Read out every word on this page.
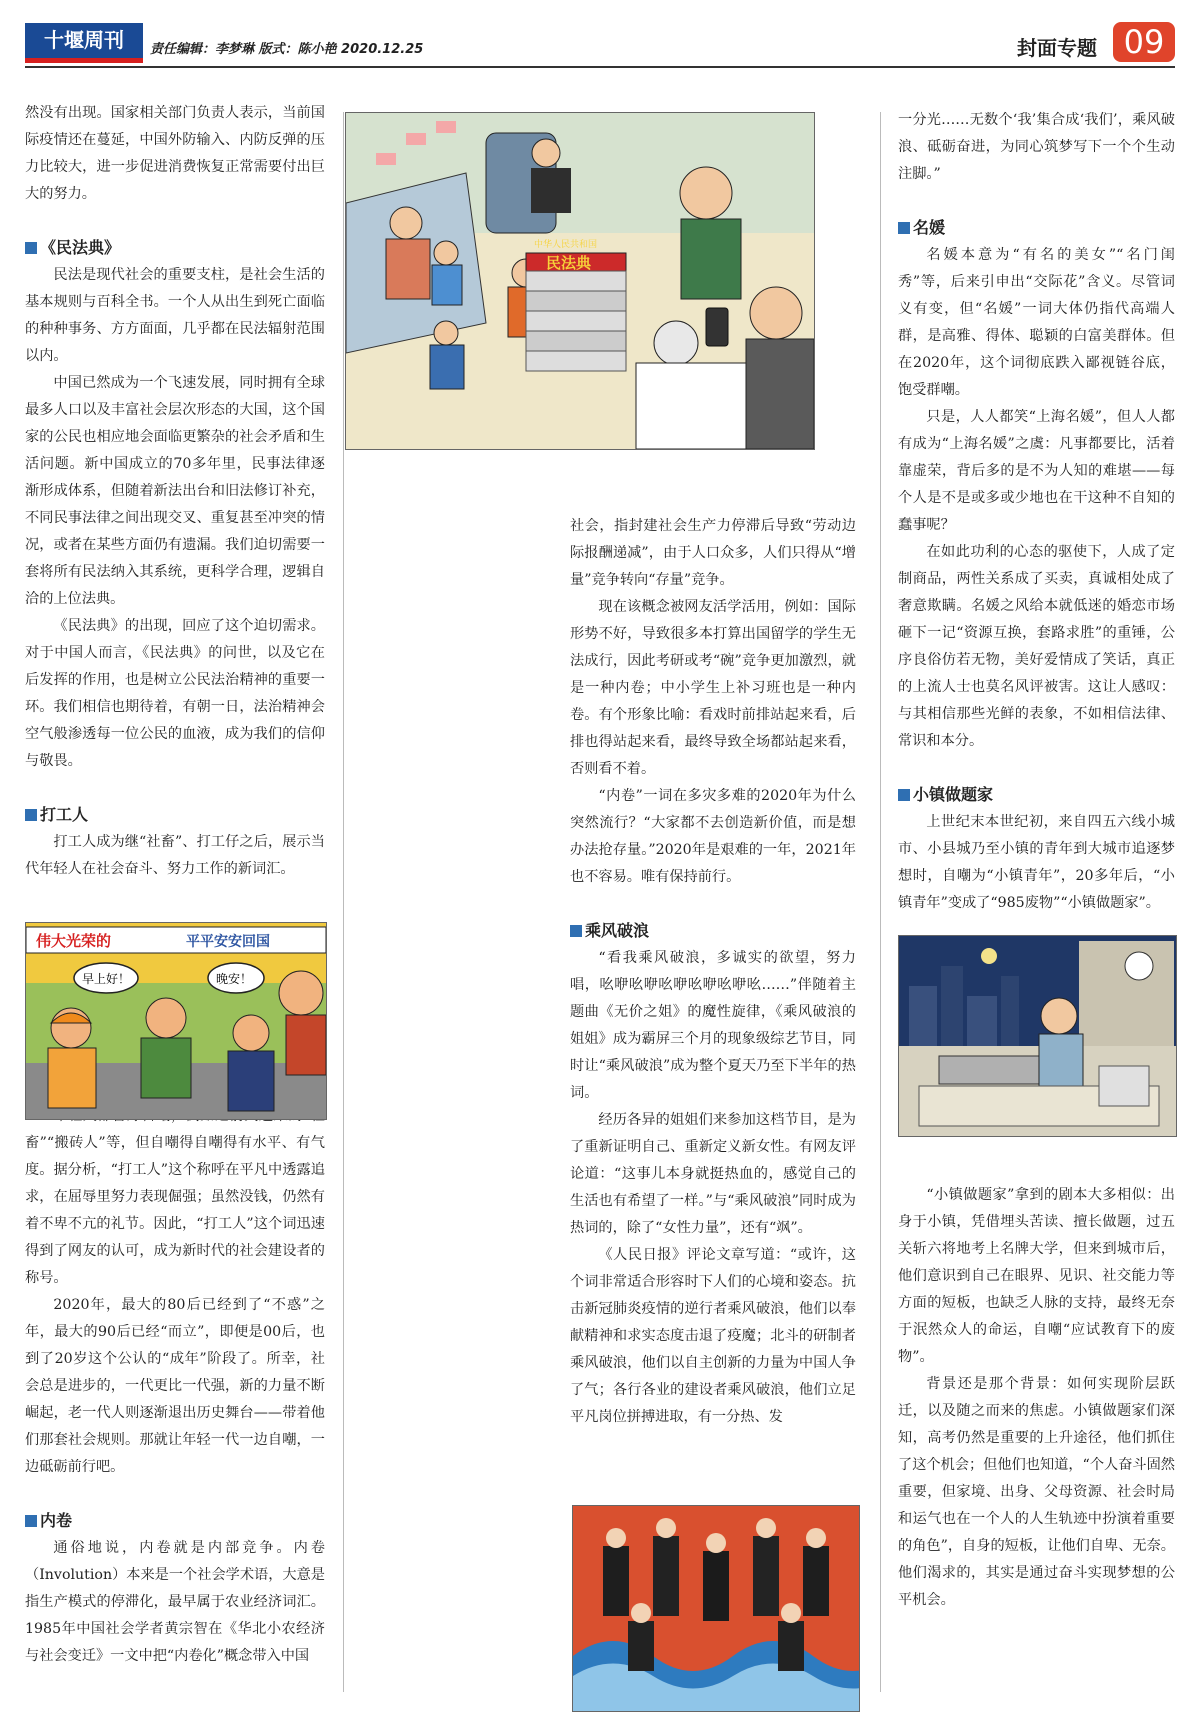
十堰周刊	责任编辑：李梦琳 版式：陈小艳 2020.12.25	封面专题 09

然没有出现。国家相关部门负责人表示，当前国际疫情还在蔓延，中国外防输入、内防反弹的压力比较大，进一步促进消费恢复正常需要付出巨大的努力。

《民法典》

民法是现代社会的重要支柱，是社会生活的基本规则与百科全书。一个人从出生到死亡面临的种种事务、方方面面，几乎都在民法辐射范围以内。

中国已然成为一个飞速发展，同时拥有全球最多人口以及丰富社会层次形态的大国，这个国家的公民也相应地会面临更繁杂的社会矛盾和生活问题。新中国成立的70多年里，民事法律逐渐形成体系，但随着新法出台和旧法修订补充，不同民事法律之间出现交叉、重复甚至冲突的情况，或者在某些方面仍有遗漏。我们迫切需要一套将所有民法纳入其系统，更科学合理，逻辑自洽的上位法典。

《民法典》的出现，回应了这个迫切需求。对于中国人而言，《民法典》的问世，以及它在后发挥的作用，也是树立公民法治精神的重要一环。我们相信也期待着，有朝一日，法治精神会空气般渗透每一位公民的血液，成为我们的信仰与敬畏。

打工人

打工人成为继“社畜”、打工仔之后，展示当代年轻人在社会奋斗、努力工作的新词汇。

畜”“搬砖人”等，但自嘲得自嘲得有水平、有气度。据分析，“打工人”这个称呼在平凡中透露追求，在屈辱里努力表现倔强；虽然没钱，仍然有着不卑不亢的礼节。因此，“打工人”这个词迅速得到了网友的认可，成为新时代的社会建设者的称号。

2020年，最大的80后已经到了“不惑”之年，最大的90后已经“而立”，即便是00后，也到了20岁这个公认的“成年”阶段了。所幸，社会总是进步的，一代更比一代强，新的力量不断崛起，老一代人则逐渐退出历史舞台——带着他们那套社会规则。那就让年轻一代一边自嘲，一边砥砺前行吧。

内卷

通俗地说，内卷就是内部竞争。内卷（Involution）本来是一个社会学术语，大意是指生产模式的停滞化，最早属于农业经济词汇。1985年中国社会学者黄宗智在《华北小农经济与社会变迁》一文中把“内卷化”概念带入中国

伟大光荣的	平平安安回国
早上好！	晚安！
中华人民共和国
民法典

社会，指封建社会生产力停滞后导致“劳动边际报酬递减”，由于人口众多，人们只得从“增量”竞争转向“存量”竞争。

现在该概念被网友活学活用，例如：国际形势不好，导致很多本打算出国留学的学生无法成行，因此考研或考“碗”竞争更加激烈，就是一种内卷；中小学生上补习班也是一种内卷。有个形象比喻：看戏时前排站起来看，后排也得站起来看，最终导致全场都站起来看，否则看不着。

“内卷”一词在多灾多难的2020年为什么突然流行？“大家都不去创造新价值，而是想办法抢存量。”2020年是艰难的一年，2021年也不容易。唯有保持前行。

乘风破浪

“看我乘风破浪，多诚实的欲望，努力唱，吆咿吆咿吆咿吆咿吆咿吆……”伴随着主题曲《无价之姐》的魔性旋律，《乘风破浪的姐姐》成为霸屏三个月的现象级综艺节目，同时让“乘风破浪”成为整个夏天乃至下半年的热词。

经历各异的姐姐们来参加这档节目，是为了重新证明自己、重新定义新女性。有网友评论道：“这事儿本身就挺热血的，感觉自己的生活也有希望了一样。”与“乘风破浪”同时成为热词的，除了“女性力量”，还有“飒”。

《人民日报》评论文章写道：“或许，这个词非常适合形容时下人们的心境和姿态。抗击新冠肺炎疫情的逆行者乘风破浪，他们以奉献精神和求实态度击退了疫魔；北斗的研制者乘风破浪，他们以自主创新的力量为中国人争了气；各行各业的建设者乘风破浪，他们立足平凡岗位拼搏进取，有一分热、发

一分光……无数个‘我’集合成‘我们’，乘风破浪、砥砺奋进，为同心筑梦写下一个个生动注脚。”

名媛

名媛本意为“有名的美女”“名门闺秀”等，后来引申出“交际花”含义。尽管词义有变，但“名媛”一词大体仍指代高端人群，是高雅、得体、聪颖的白富美群体。但在2020年，这个词彻底跌入鄙视链谷底，饱受群嘲。

只是，人人都笑“上海名媛”，但人人都有成为“上海名媛”之虞：凡事都要比，活着靠虚荣，背后多的是不为人知的难堪——每个人是不是或多或少地也在干这种不自知的蠢事呢？

在如此功利的心态的驱使下，人成了定制商品，两性关系成了买卖，真诚相处成了奢意欺瞒。名媛之风给本就低迷的婚恋市场砸下一记“资源互换，套路求胜”的重锤，公序良俗仿若无物，美好爱情成了笑话，真正的上流人士也莫名风评被害。这让人感叹：与其相信那些光鲜的表象，不如相信法律、常识和本分。

小镇做题家

上世纪末本世纪初，来自四五六线小城市、小县城乃至小镇的青年到大城市追逐梦想时，自嘲为“小镇青年”，20多年后，“小镇青年”变成了“985废物”“小镇做题家”。

“小镇做题家”拿到的剧本大多相似：出身于小镇，凭借埋头苦读、擅长做题，过五关斩六将地考上名牌大学，但来到城市后，他们意识到自己在眼界、见识、社交能力等方面的短板，也缺乏人脉的支持，最终无奈于泯然众人的命运，自嘲“应试教育下的废物”。

背景还是那个背景：如何实现阶层跃迁，以及随之而来的焦虑。小镇做题家们深知，高考仍然是重要的上升途径，他们抓住了这个机会；但他们也知道，“个人奋斗固然重要，但家境、出身、父母资源、社会时局和运气也在一个人的人生轨迹中扮演着重要的角色”，自身的短板，让他们自卑、无奈。他们渴求的，其实是通过奋斗实现梦想的公平机会。
